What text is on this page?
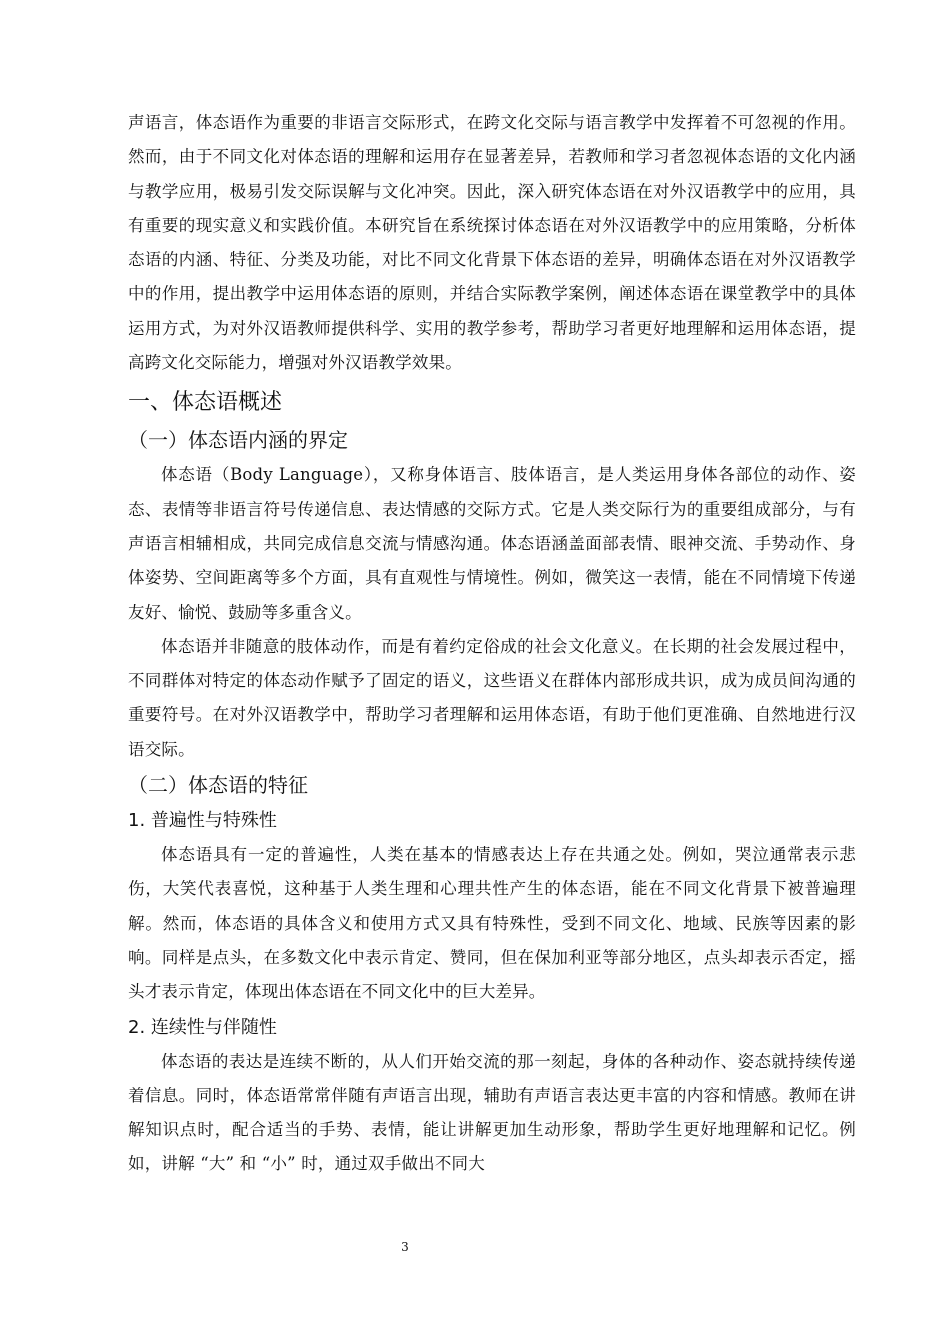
声语言，体态语作为重要的非语言交际形式，在跨文化交际与语言教学中发挥着不可忽视的作用。然而，由于不同文化对体态语的理解和运用存在显著差异，若教师和学习者忽视体态语的文化内涵与教学应用，极易引发交际误解与文化冲突。因此，深入研究体态语在对外汉语教学中的应用，具有重要的现实意义和实践价值。本研究旨在系统探讨体态语在对外汉语教学中的应用策略，分析体态语的内涵、特征、分类及功能，对比不同文化背景下体态语的差异，明确体态语在对外汉语教学中的作用，提出教学中运用体态语的原则，并结合实际教学案例，阐述体态语在课堂教学中的具体运用方式，为对外汉语教师提供科学、实用的教学参考，帮助学习者更好地理解和运用体态语，提高跨文化交际能力，增强对外汉语教学效果。

一、体态语概述
（一）体态语内涵的界定

体态语（Body Language），又称身体语言、肢体语言，是人类运用身体各部位的动作、姿态、表情等非语言符号传递信息、表达情感的交际方式。它是人类交际行为的重要组成部分，与有声语言相辅相成，共同完成信息交流与情感沟通。体态语涵盖面部表情、眼神交流、手势动作、身体姿势、空间距离等多个方面，具有直观性与情境性。例如，微笑这一表情，能在不同情境下传递友好、愉悦、鼓励等多重含义。

体态语并非随意的肢体动作，而是有着约定俗成的社会文化意义。在长期的社会发展过程中，不同群体对特定的体态动作赋予了固定的语义，这些语义在群体内部形成共识，成为成员间沟通的重要符号。在对外汉语教学中，帮助学习者理解和运用体态语，有助于他们更准确、自然地进行汉语交际。

（二）体态语的特征
1. 普遍性与特殊性

体态语具有一定的普遍性，人类在基本的情感表达上存在共通之处。例如，哭泣通常表示悲伤，大笑代表喜悦，这种基于人类生理和心理共性产生的体态语，能在不同文化背景下被普遍理解。然而，体态语的具体含义和使用方式又具有特殊性，受到不同文化、地域、民族等因素的影响。同样是点头，在多数文化中表示肯定、赞同，但在保加利亚等部分地区，点头却表示否定，摇头才表示肯定，体现出体态语在不同文化中的巨大差异。

2. 连续性与伴随性

体态语的表达是连续不断的，从人们开始交流的那一刻起，身体的各种动作、姿态就持续传递着信息。同时，体态语常常伴随有声语言出现，辅助有声语言表达更丰富的内容和情感。教师在讲解知识点时，配合适当的手势、表情，能让讲解更加生动形象，帮助学生更好地理解和记忆。例如，讲解 “大” 和 “小” 时，通过双手做出不同大

3
